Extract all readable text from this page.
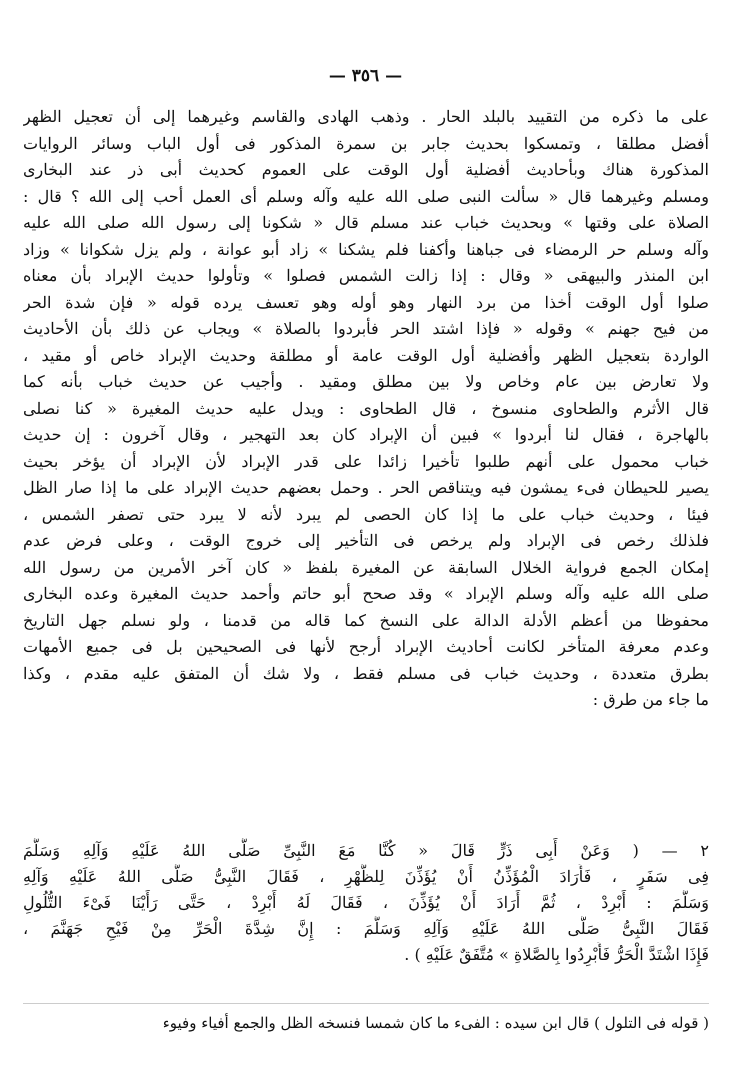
— ٣٥٦ —
على ما ذكره من التقييد بالبلد الحار . وذهب الهادى والقاسم وغيرهما إلى أن تعجيل الظهر
أفضل مطلقا ، وتمسكوا بحديث جابر بن سمرة المذكور فى أول الباب وسائر الروايات
المذكورة هناك وبأحاديث أفضلية أول الوقت على العموم كحديث أبى ذر عند البخارى
ومسلم وغيرهما قال « سألت النبى صلى الله عليه وآله وسلم أى العمل أحب إلى الله ؟ قال :
الصلاة على وقتها » وبحديث خباب عند مسلم قال « شكونا إلى رسول الله صلى الله عليه
وآله وسلم حر الرمضاء فى جباهنا وأكفنا فلم يشكنا » زاد أبو عوانة ، ولم يزل شكوانا » وزاد
ابن المنذر والبيهقى « وقال : إذا زالت الشمس فصلوا » وتأولوا حديث الإبراد بأن معناه
صلوا أول الوقت أخذا من برد النهار وهو أوله وهو تعسف يرده قوله « فإن شدة الحر
من فيح جهنم » وقوله « فإذا اشتد الحر فأبردوا بالصلاة » ويجاب عن ذلك بأن الأحاديث
الواردة بتعجيل الظهر وأفضلية أول الوقت عامة أو مطلقة وحديث الإبراد خاص أو مقيد ،
ولا تعارض بين عام وخاص ولا بين مطلق ومقيد . وأجيب عن حديث خباب بأنه كما
قال الأثرم والطحاوى منسوخ ، قال الطحاوى : ويدل عليه حديث المغيرة « كنا نصلى
بالهاجرة ، فقال لنا أبردوا » فبين أن الإبراد كان بعد التهجير ، وقال آخرون : إن حديث
خباب محمول على أنهم طلبوا تأخيرا زائدا على قدر الإبراد لأن الإبراد أن يؤخر بحيث
يصير للحيطان فىء يمشون فيه ويتناقص الحر . وحمل بعضهم حديث الإبراد على ما إذا صار الظل
فيئا ، وحديث خباب على ما إذا كان الحصى لم يبرد لأنه لا يبرد حتى تصفر الشمس ،
فلذلك رخص فى الإبراد ولم يرخص فى التأخير إلى خروج الوقت ، وعلى فرض عدم
إمكان الجمع فرواية الخلال السابقة عن المغيرة بلفظ « كان آخر الأمرين من رسول الله
صلى الله عليه وآله وسلم الإبراد » وقد صحح أبو حاتم وأحمد حديث المغيرة وعده البخارى
محفوظا من أعظم الأدلة الدالة على النسخ كما قاله من قدمنا ، ولو نسلم جهل التاريخ
وعدم معرفة المتأخر لكانت أحاديث الإبراد أرجح لأنها فى الصحيحين بل فى جميع الأمهات
بطرق متعددة ، وحديث خباب فى مسلم فقط ، ولا شك أن المتفق عليه مقدم ، وكذا
ما جاء من طرق :
٢ — ( وَعَنْ أَبِى ذَرٍّ قَالَ « كُنَّا مَعَ النَّبِىِّ صَلَّى اللهُ عَلَيْهِ وَآلِهِ وَسَلَّمَ
فِى سَفَرٍ ، فَأَرَادَ الْمُؤَذِّنُ أَنْ يُؤَذِّنَ لِلظُّهْرِ ، فَقَالَ النَّبِىُّ صَلَّى اللهُ عَلَيْهِ وَآلِهِ
وَسَلَّمَ : أَبْرِدْ ، ثُمَّ أَرَادَ أَنْ يُؤَذِّنَ ، فَقَالَ لَهُ أَبْرِدْ ، حَتَّى رَأَيْنَا فَىْءَ التُّلُولِ
فَقَالَ النَّبِىُّ صَلَّى اللهُ عَلَيْهِ وَآلِهِ وَسَلَّمَ : إِنَّ شِدَّةَ الْحَرِّ مِنْ فَيْحِ جَهَنَّمَ ،
فَإِذَا اشْتَدَّ الْحَرُّ فَأَبْرِدُوا بِالصَّلاةِ » مُتَّفَقٌ عَلَيْهِ ) .
( قوله فى التلول ) قال ابن سيده : الفىء ما كان شمسا فنسخه الظل والجمع أفياء وفيوء
